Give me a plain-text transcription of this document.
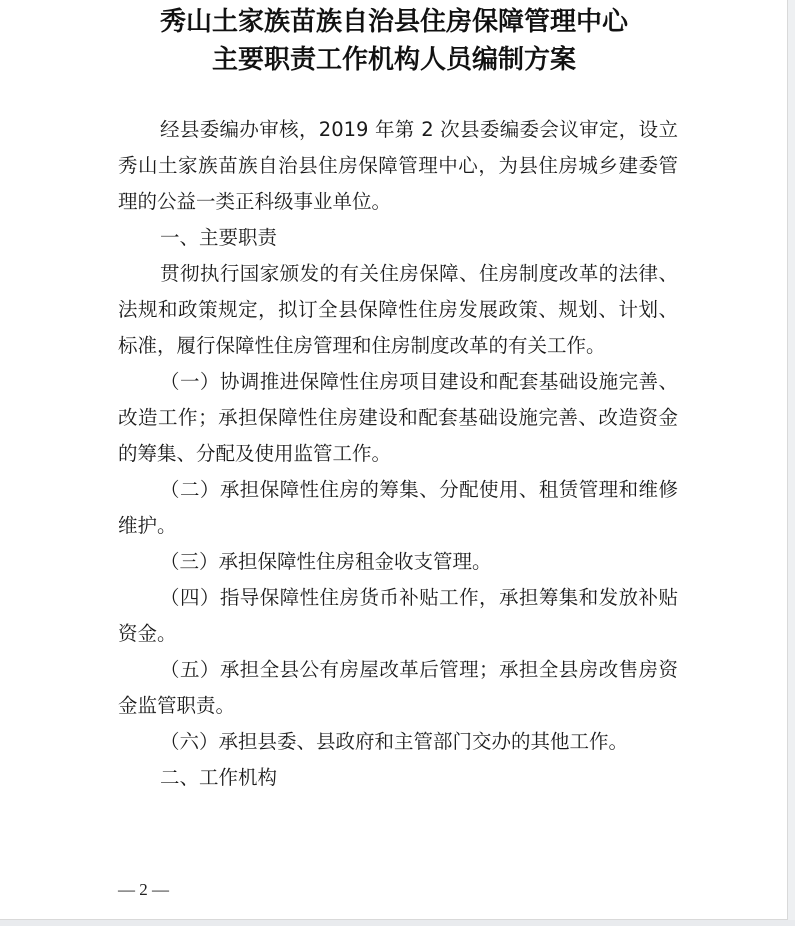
秀山土家族苗族自治县住房保障管理中心
主要职责工作机构人员编制方案

经县委编办审核，2019 年第 2 次县委编委会议审定，设立秀山土家族苗族自治县住房保障管理中心，为县住房城乡建委管理的公益一类正科级事业单位。

一、主要职责

贯彻执行国家颁发的有关住房保障、住房制度改革的法律、法规和政策规定，拟订全县保障性住房发展政策、规划、计划、标准，履行保障性住房管理和住房制度改革的有关工作。

（一）协调推进保障性住房项目建设和配套基础设施完善、改造工作；承担保障性住房建设和配套基础设施完善、改造资金的筹集、分配及使用监管工作。

（二）承担保障性住房的筹集、分配使用、租赁管理和维修维护。

（三）承担保障性住房租金收支管理。

（四）指导保障性住房货币补贴工作，承担筹集和发放补贴资金。

（五）承担全县公有房屋改革后管理；承担全县房改售房资金监管职责。

（六）承担县委、县政府和主管部门交办的其他工作。

二、工作机构

— 2 —
